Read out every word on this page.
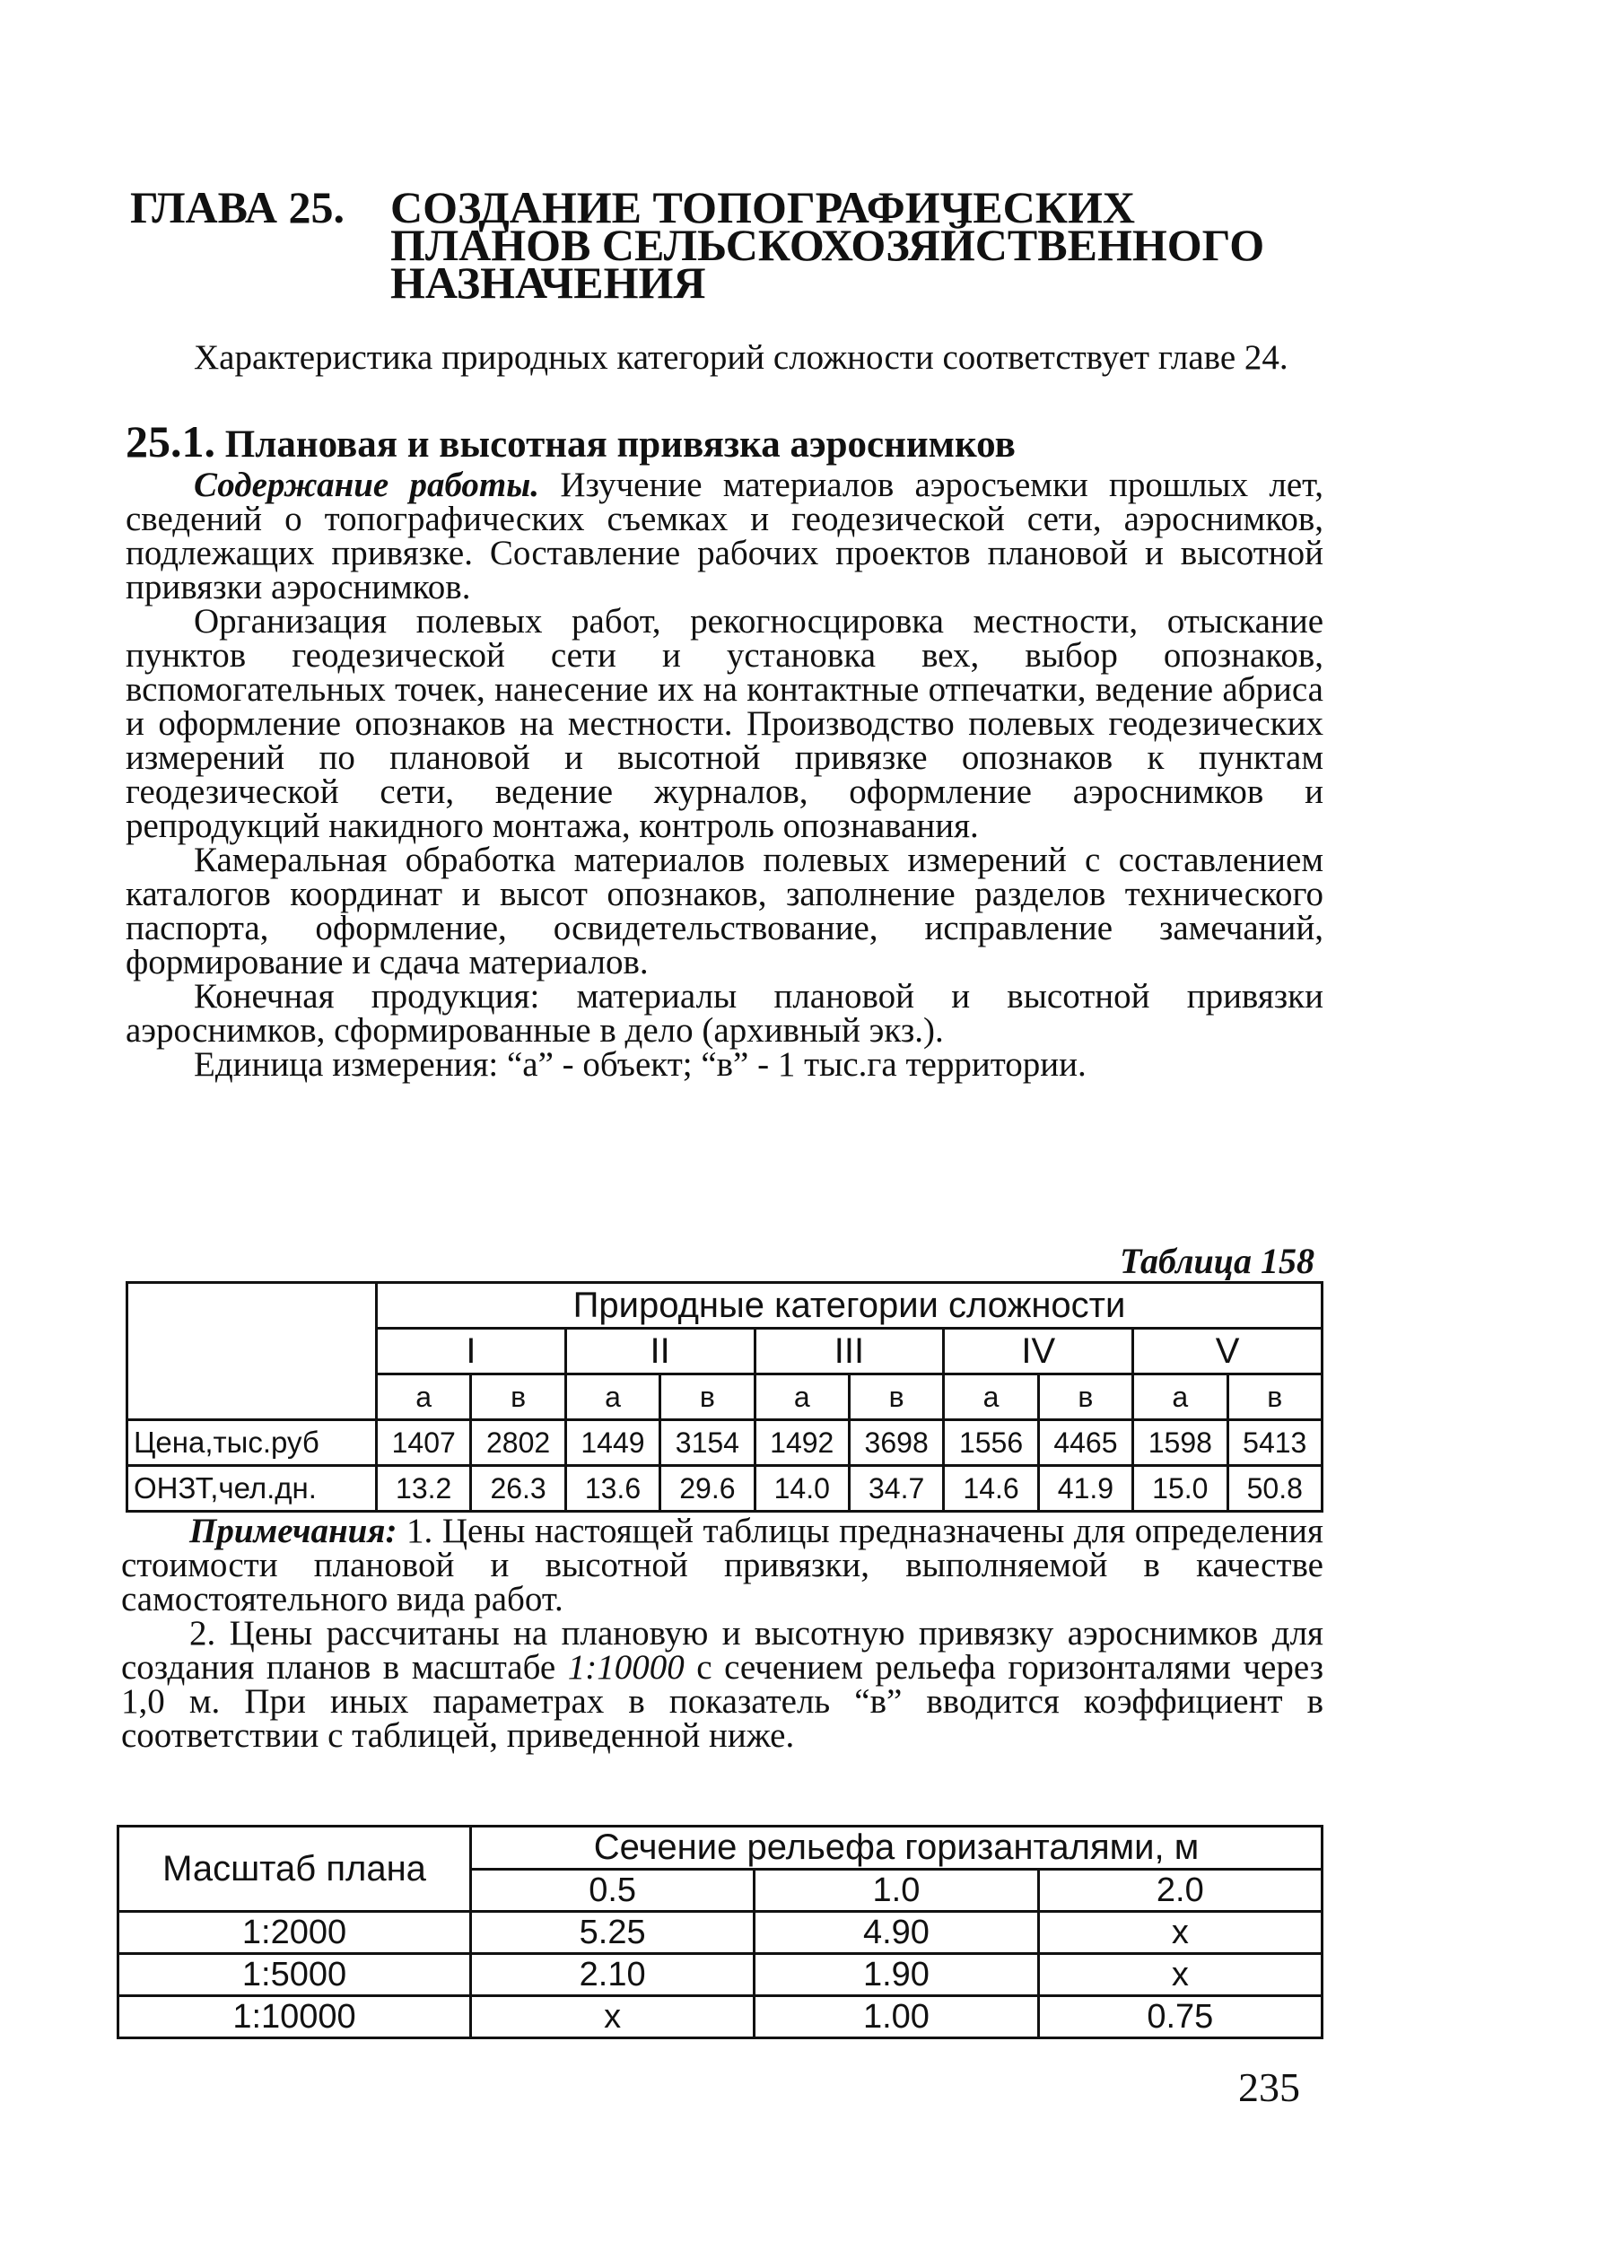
ГЛАВА 25. СОЗДАНИЕ ТОПОГРАФИЧЕСКИХ
ПЛАНОВ СЕЛЬСКОХОЗЯЙСТВЕННОГО
НАЗНАЧЕНИЯ

Характеристика природных категорий сложности соответствует главе 24.

25.1. Плановая и высотная привязка аэроснимков

Содержание работы. Изучение материалов аэросъемки прошлых лет, сведений о топографических съемках и геодезической сети, аэроснимков, подлежащих привязке. Составление рабочих проектов плановой и высотной привязки аэроснимков.

Организация полевых работ, рекогносцировка местности, отыскание пунктов геодезической сети и установка вех, выбор опознаков, вспомогательных точек, нанесение их на контактные отпечатки, ведение абриса и оформление опознаков на местности. Производство полевых геодезических измерений по плановой и высотной привязке опознаков к пунктам геодезической сети, ведение журналов, оформление аэроснимков и репродукций накидного монтажа, контроль опознавания.

Камеральная обработка материалов полевых измерений с составлением каталогов координат и высот опознаков, заполнение разделов технического паспорта, оформление, освидетельствование, исправление замечаний, формирование и сдача материалов.

Конечная продукция: материалы плановой и высотной привязки аэроснимков, сформированные в дело (архивный экз.).

Единица измерения: “а” - объект; “в” - 1 тыс.га территории.

Таблица 158
	Природные категории сложности									
	I		II		III		IV		V	
	а	в	а	в	а	в	а	в	а	в
Цена,тыс.руб	1407	2802	1449	3154	1492	3698	1556	4465	1598	5413
ОНЗТ,чел.дн.	13.2	26.3	13.6	29.6	14.0	34.7	14.6	41.9	15.0	50.8

Примечания: 1. Цены настоящей таблицы предназначены для определения стоимости плановой и высотной привязки, выполняемой в качестве самостоятельного вида работ.

2. Цены рассчитаны на плановую и высотную привязку аэроснимков для создания планов в масштабе 1:10000 с сечением рельефа горизонталями через 1,0 м. При иных параметрах в показатель “в” вводится коэффициент в соответствии с таблицей, приведенной ниже.

Масштаб плана	Сечение рельефа горизанталями, м		
	0.5	1.0	2.0
1:2000	5.25	4.90	х
1:5000	2.10	1.90	х
1:10000	х	1.00	0.75
235
